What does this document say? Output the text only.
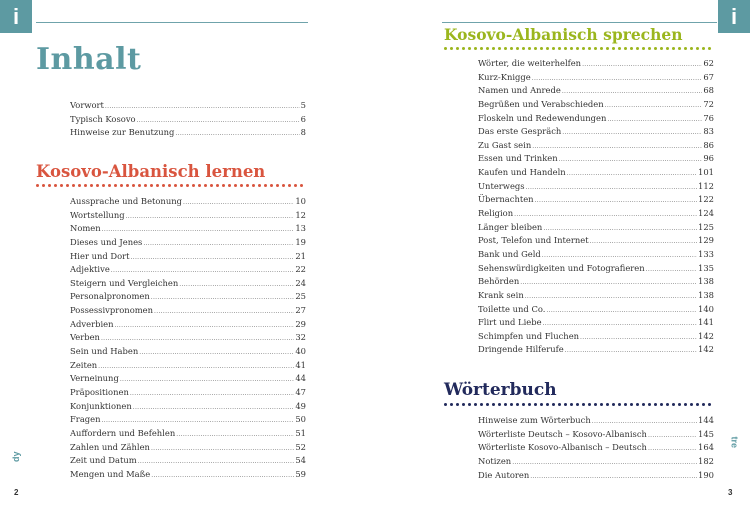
i
Inhalt
Vorwort .....	5
Typisch Kosovo .....	6
Hinweise zur Benutzung .....	8
Kosovo-Albanisch lernen
Aussprache und Betonung .....	10
Wortstellung .....	12
Nomen .....	13
Dieses und Jenes .....	19
Hier und Dort .....	21
Adjektive .....	22
Steigern und Vergleichen .....	24
Personalpronomen .....	25
Possessivpronomen .....	27
Adverbien .....	29
Verben .....	32
Sein und Haben .....	40
Zeiten .....	41
Verneinung .....	44
Präpositionen .....	47
Konjunktionen .....	49
Fragen .....	50
Auffordern und Befehlen .....	51
Zahlen und Zählen .....	52
Zeit und Datum .....	54
Mengen und Maße .....	59
dy
2
i
Kosovo-Albanisch sprechen
Wörter, die weiterhelfen .....	62
Kurz-Knigge .....	67
Namen und Anrede .....	68
Begrüßen und Verabschieden .....	72
Floskeln und Redewendungen .....	76
Das erste Gespräch .....	83
Zu Gast sein .....	86
Essen und Trinken .....	96
Kaufen und Handeln .....	101
Unterwegs .....	112
Übernachten .....	122
Religion .....	124
Länger bleiben .....	125
Post, Telefon und Internet .....	129
Bank und Geld .....	133
Sehenswürdigkeiten und Fotografieren .....	135
Behörden .....	138
Krank sein .....	138
Toilette und Co. .....	140
Flirt und Liebe .....	141
Schimpfen und Fluchen .....	142
Dringende Hilferufe .....	142
Wörterbuch
Hinweise zum Wörterbuch .....	144
Wörterliste Deutsch – Kosovo-Albanisch .....	145
Wörterliste Kosovo-Albanisch – Deutsch .....	164
Notizen .....	182
Die Autoren .....	190
tre
3
